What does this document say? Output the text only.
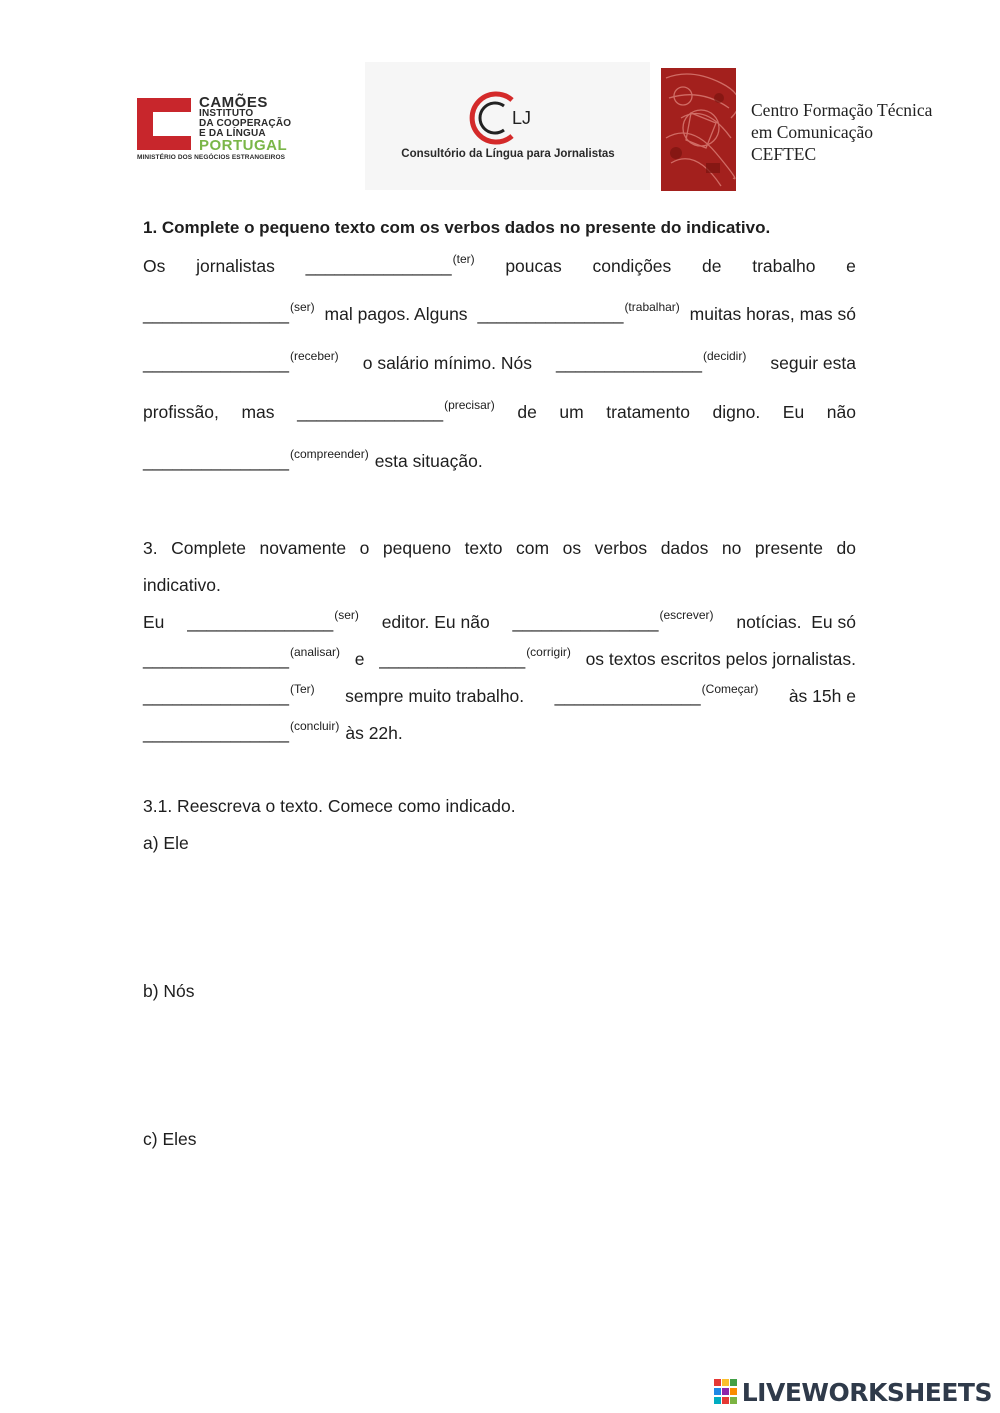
CAMÕES
INSTITUTO
DA COOPERAÇÃO
E DA LÍNGUA
PORTUGAL
MINISTÉRIO DOS NEGÓCIOS ESTRANGEIROS
LJ
Consultório da Língua para Jornalistas
Centro Formação Técnica
em Comunicação
CEFTEC
1. Complete o pequeno texto com os verbos dados no presente do indicativo.
Os jornalistas _______________$^{(ter)}$ poucas condições de trabalho e
_______________$^{(ser)}$ mal pagos. Alguns _______________$^{(trabalhar)}$ muitas horas, mas só
_______________$^{(receber)}$ o salário mínimo. Nós _______________$^{(decidir)}$ seguir esta
profissão, mas _______________$^{(precisar)}$ de um tratamento digno. Eu não
_______________$^{(compreender)}$ esta situação.
3. Complete novamente o pequeno texto com os verbos dados no presente do
indicativo.
Eu _______________$^{(ser)}$ editor. Eu não _______________$^{(escrever)}$ notícias.  Eu só
_______________$^{(analisar)}$ e _______________$^{(corrigir)}$ os textos escritos pelos jornalistas.
_______________$^{(Ter)}$ sempre muito trabalho. _______________$^{(Começar)}$ às 15h e
_______________$^{(concluir)}$ às 22h.
3.1. Reescreva o texto. Comece como indicado.
a) Ele
b) Nós
c) Eles
LIVEWORKSHEETS
